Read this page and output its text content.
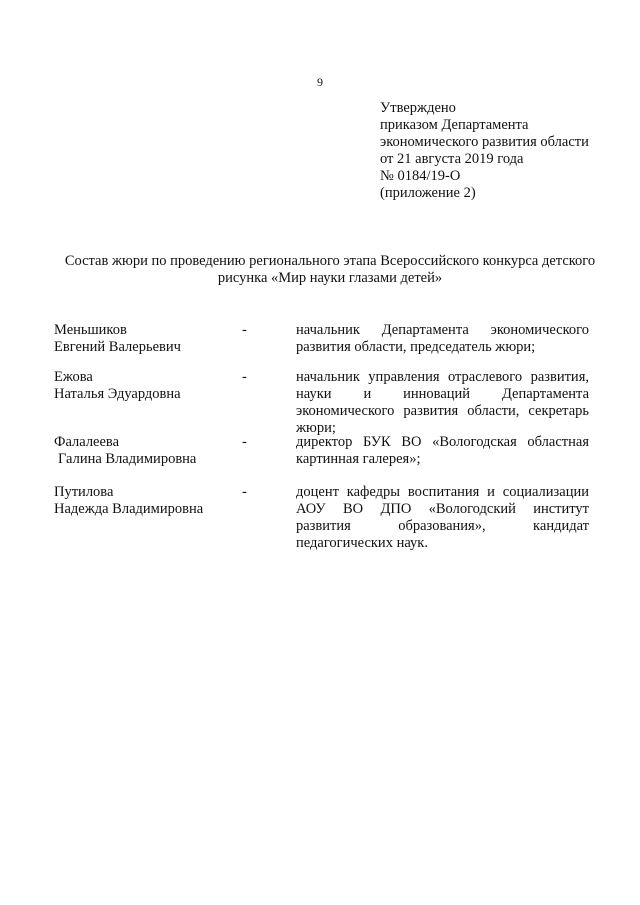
9
Утверждено
приказом Департамента
экономического развития области
от 21 августа 2019 года
№ 0184/19-О
(приложение 2)
Состав жюри по проведению регионального этапа Всероссийского конкурса детского рисунка «Мир науки глазами детей»
Меньшиков
Евгений Валерьевич
-	начальник Департамента экономического развития области, председатель жюри;
Ежова
Наталья Эдуардовна
-	начальник управления отраслевого развития, науки и инноваций Департамента экономического развития области, секретарь жюри;
Фалалеева
Галина Владимировна
-	директор БУК ВО «Вологодская областная картинная галерея»;
Путилова
Надежда Владимировна
-	доцент кафедры воспитания и социализации АОУ ВО ДПО «Вологодский институт развития образования», кандидат педагогических наук.
